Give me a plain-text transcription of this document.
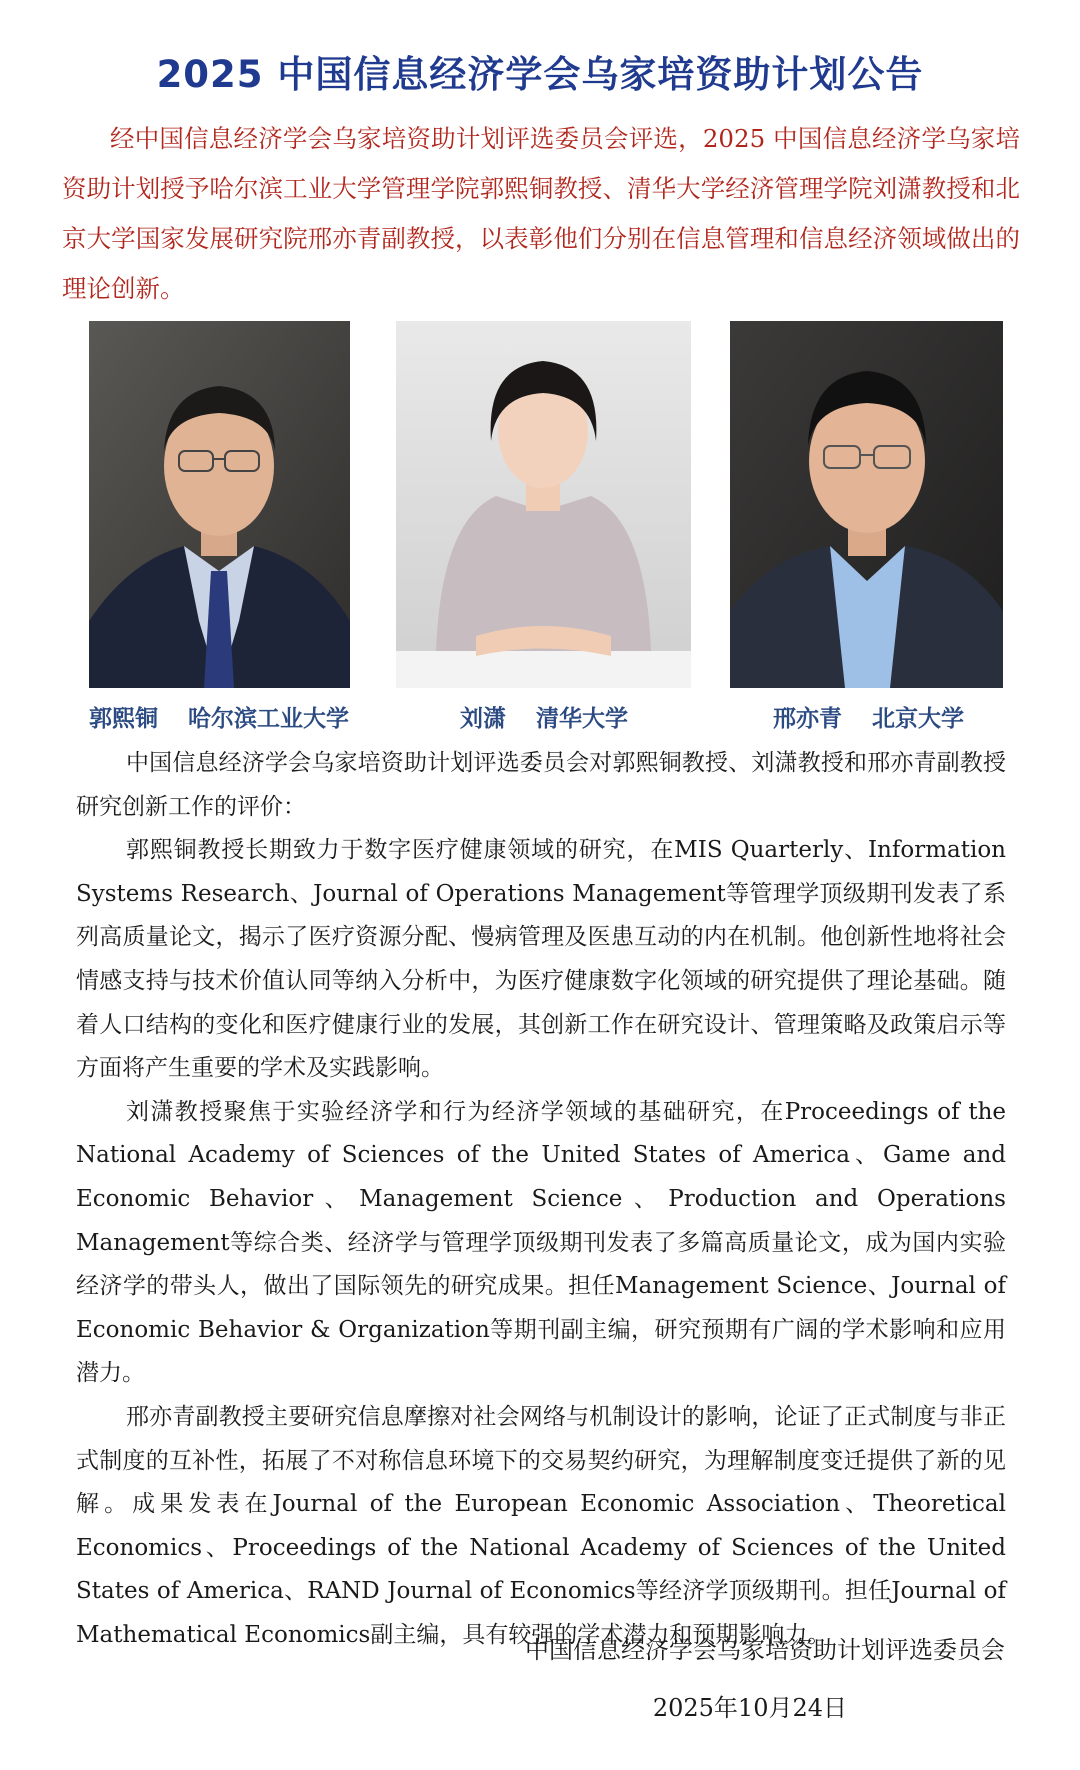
2025 中国信息经济学会乌家培资助计划公告
经中国信息经济学会乌家培资助计划评选委员会评选，2025 中国信息经济学乌家培资助计划授予哈尔滨工业大学管理学院郭熙铜教授、清华大学经济管理学院刘潇教授和北京大学国家发展研究院邢亦青副教授，以表彰他们分别在信息管理和信息经济领域做出的理论创新。
郭熙铜 哈尔滨工业大学	刘潇 清华大学	邢亦青 北京大学

中国信息经济学会乌家培资助计划评选委员会对郭熙铜教授、刘潇教授和邢亦青副教授研究创新工作的评价：

郭熙铜教授长期致力于数字医疗健康领域的研究，在MIS Quarterly、Information Systems Research、Journal of Operations Management等管理学顶级期刊发表了系列高质量论文，揭示了医疗资源分配、慢病管理及医患互动的内在机制。他创新性地将社会情感支持与技术价值认同等纳入分析中，为医疗健康数字化领域的研究提供了理论基础。随着人口结构的变化和医疗健康行业的发展，其创新工作在研究设计、管理策略及政策启示等方面将产生重要的学术及实践影响。

刘潇教授聚焦于实验经济学和行为经济学领域的基础研究，在Proceedings of the National Academy of Sciences of the United States of America、Game and Economic Behavior、Management Science、Production and Operations Management等综合类、经济学与管理学顶级期刊发表了多篇高质量论文，成为国内实验经济学的带头人，做出了国际领先的研究成果。担任Management Science、Journal of Economic Behavior & Organization等期刊副主编，研究预期有广阔的学术影响和应用潜力。

邢亦青副教授主要研究信息摩擦对社会网络与机制设计的影响，论证了正式制度与非正式制度的互补性，拓展了不对称信息环境下的交易契约研究，为理解制度变迁提供了新的见解。成果发表在Journal of the European Economic Association、Theoretical Economics、Proceedings of the National Academy of Sciences of the United States of America、RAND Journal of Economics等经济学顶级期刊。担任Journal of Mathematical Economics副主编，具有较强的学术潜力和预期影响力。

中国信息经济学会乌家培资助计划评选委员会
2025年10月24日
